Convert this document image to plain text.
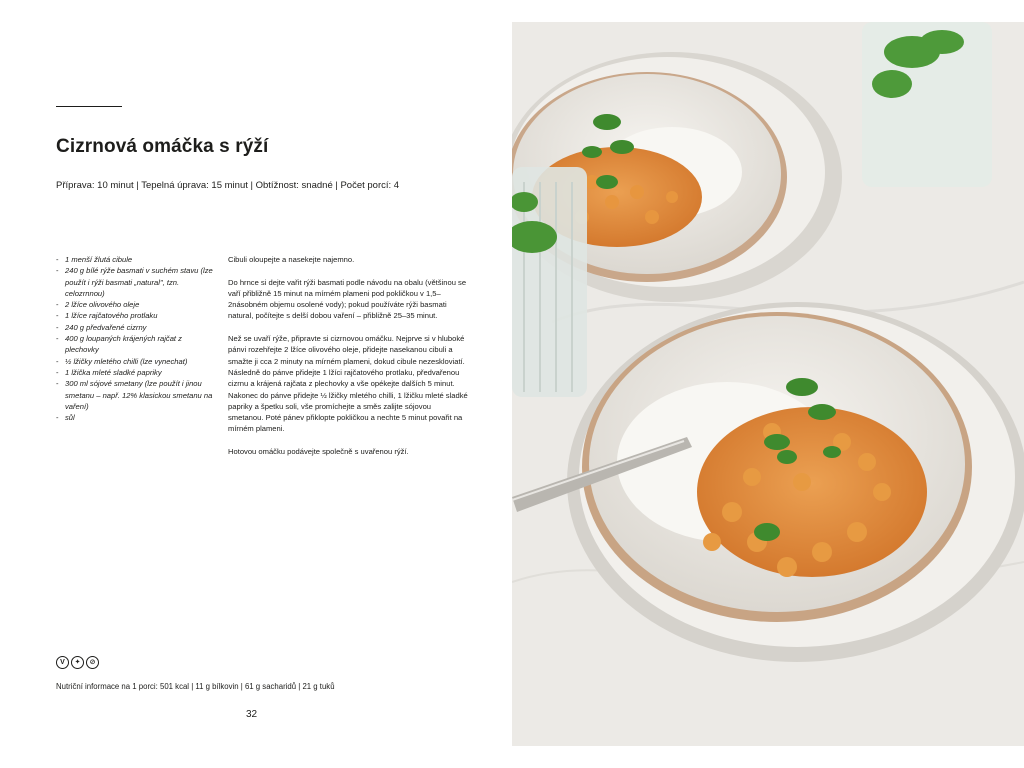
Cizrnová omáčka s rýží
Příprava: 10 minut | Tepelná úprava: 15 minut | Obtížnost: snadné | Počet porcí: 4
- 1 menší žlutá cibule
- 240 g bílé rýže basmati v suchém stavu (lze použít i rýži basmati „natural", tzn. celozrnnou)
- 2 lžíce olivového oleje
- 1 lžíce rajčatového protlaku
- 240 g předvařené cizrny
- 400 g loupaných krájených rajčat z plechovky
- ½ lžičky mletého chilli (lze vynechat)
- 1 lžička mleté sladké papriky
- 300 ml sójové smetany (lze použít i jinou smetanu – např. 12% klasickou smetanu na vaření)
- sůl

Cibuli oloupejte a nasekejte najemno.

Do hrnce si dejte vařit rýži basmati podle návodu na obalu (většinou se vaří přibližně 15 minut na mírném plameni pod pokličkou v 1,5–2násobném objemu osolené vody); pokud používáte rýži basmati natural, počítejte s delší dobou vaření – přibližně 25–35 minut.

Než se uvaří rýže, připravte si cizrnovou omáčku. Nejprve si v hluboké pánvi rozehřejte 2 lžíce olivového oleje, přidejte nasekanou cibuli a smažte ji cca 2 minuty na mírném plameni, dokud cibule nezeskloviatí. Následně do pánve přidejte 1 lžíci rajčatového protlaku, předvařenou cizrnu a krájená rajčata z plechovky a vše opékejte dalších 5 minut. Nakonec do pánve přidejte ½ lžičky mletého chilli, 1 lžičku mleté sladké papriky a špetku soli, vše promíchejte a směs zalijte sójovou smetanou. Poté pánev přiklopte pokličkou a nechte 5 minut povařit na mírném plameni.

Hotovou omáčku podávejte společně s uvařenou rýží.

V	✦	⊘
Nutriční informace na 1 porci: 501 kcal | 11 g bílkovin | 61 g sacharidů | 21 g tuků
32
